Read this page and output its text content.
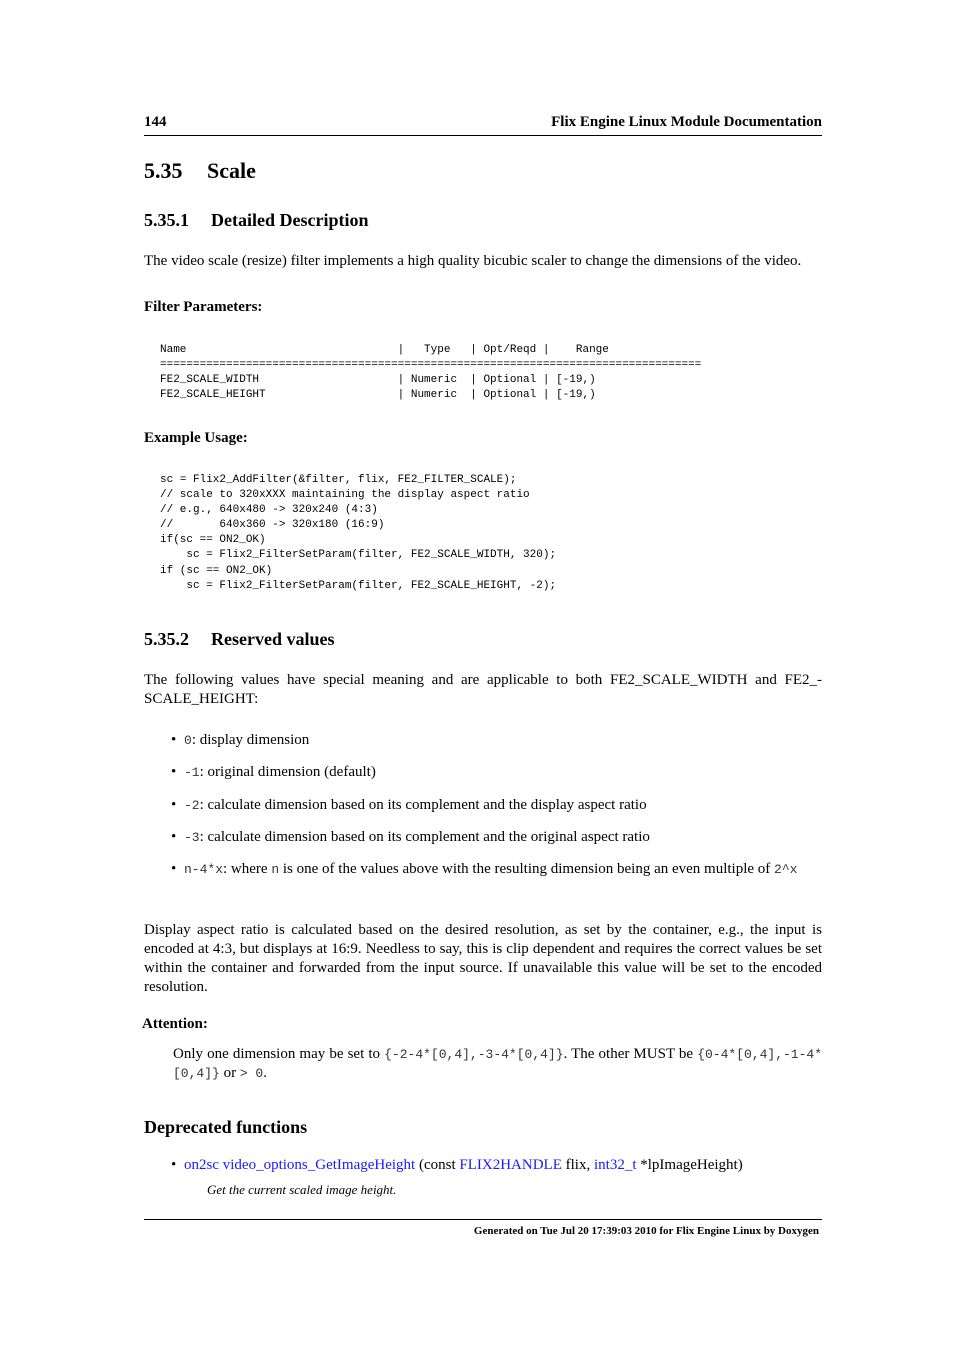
144	Flix Engine Linux Module Documentation
5.35 Scale
5.35.1 Detailed Description
The video scale (resize) filter implements a high quality bicubic scaler to change the dimensions of the video.
Filter Parameters:
Name                                |   Type   | Opt/Reqd |    Range
==================================================================================
FE2_SCALE_WIDTH                     | Numeric  | Optional | [-19,)
FE2_SCALE_HEIGHT                    | Numeric  | Optional | [-19,)
Example Usage:
sc = Flix2_AddFilter(&filter, flix, FE2_FILTER_SCALE);
// scale to 320xXXX maintaining the display aspect ratio
// e.g., 640x480 -> 320x240 (4:3)
//       640x360 -> 320x180 (16:9)
if(sc == ON2_OK)
sc = Flix2_FilterSetParam(filter, FE2_SCALE_WIDTH, 320);
if (sc == ON2_OK)
sc = Flix2_FilterSetParam(filter, FE2_SCALE_HEIGHT, -2);
5.35.2 Reserved values
The following values have special meaning and are applicable to both FE2_SCALE_WIDTH and FE2_-SCALE_HEIGHT:
• 0: display dimension
• -1: original dimension (default)
• -2: calculate dimension based on its complement and the display aspect ratio
• -3: calculate dimension based on its complement and the original aspect ratio
• n-4*x: where n is one of the values above with the resulting dimension being an even multiple of 2^x
Display aspect ratio is calculated based on the desired resolution, as set by the container, e.g., the input is encoded at 4:3, but displays at 16:9. Needless to say, this is clip dependent and requires the correct values be set within the container and forwarded from the input source. If unavailable this value will be set to the encoded resolution.
Attention:
Only one dimension may be set to {-2-4*[0,4],-3-4*[0,4]}. The other MUST be {0-4*[0,4],-1-4*[0,4]} or > 0.
Deprecated functions
• on2sc video_options_GetImageHeight (const FLIX2HANDLE flix, int32_t *lpImageHeight)
Get the current scaled image height.
Generated on Tue Jul 20 17:39:03 2010 for Flix Engine Linux by Doxygen
